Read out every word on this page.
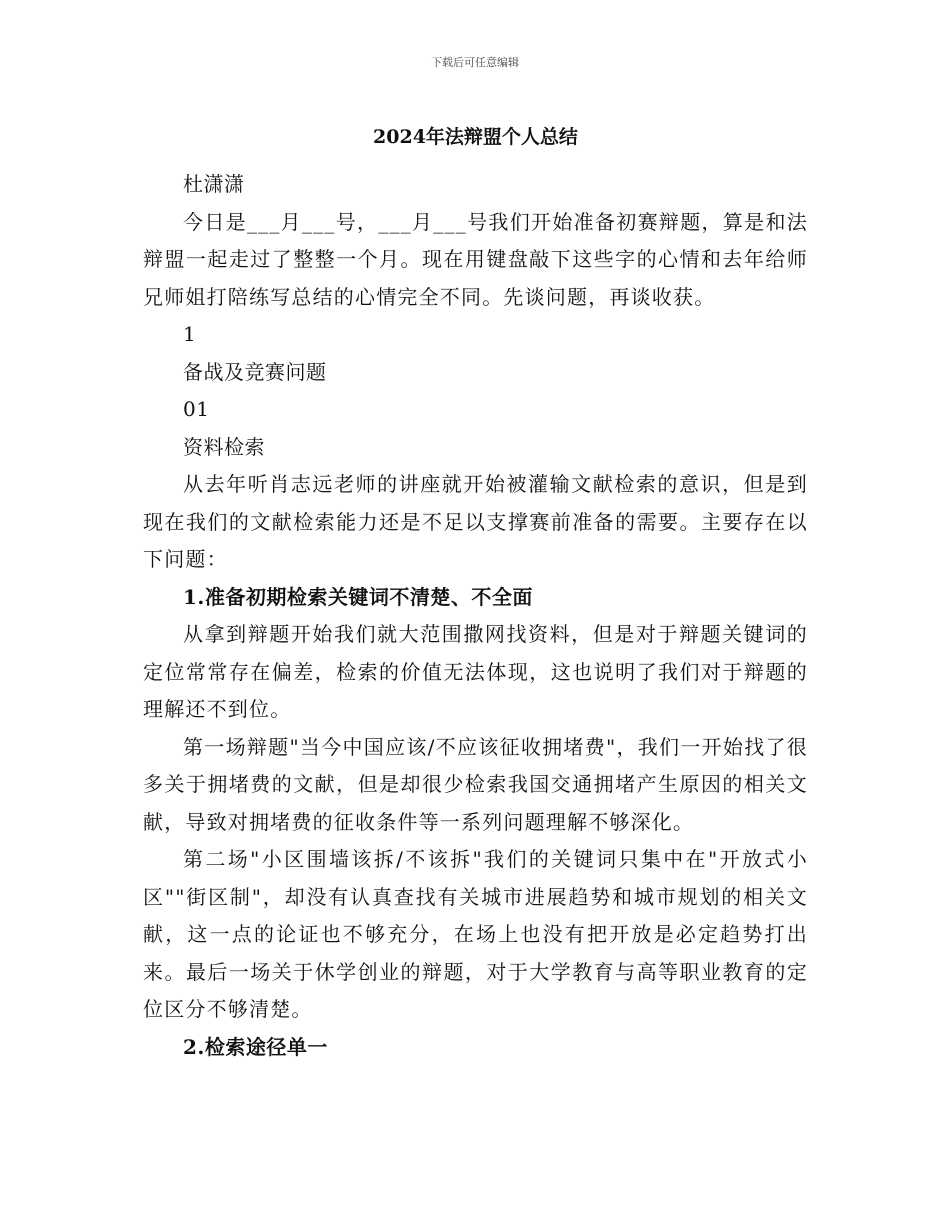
下载后可任意编辑

2024年法辩盟个人总结

杜潇潇

今日是___月___号，___月___号我们开始准备初赛辩题，算是和法辩盟一起走过了整整一个月。现在用键盘敲下这些字的心情和去年给师兄师姐打陪练写总结的心情完全不同。先谈问题，再谈收获。

1

备战及竞赛问题

01

资料检索

从去年听肖志远老师的讲座就开始被灌输文献检索的意识，但是到现在我们的文献检索能力还是不足以支撑赛前准备的需要。主要存在以下问题：

1.准备初期检索关键词不清楚、不全面

从拿到辩题开始我们就大范围撒网找资料，但是对于辩题关键词的定位常常存在偏差，检索的价值无法体现，这也说明了我们对于辩题的理解还不到位。

第一场辩题"当今中国应该/不应该征收拥堵费"，我们一开始找了很多关于拥堵费的文献，但是却很少检索我国交通拥堵产生原因的相关文献，导致对拥堵费的征收条件等一系列问题理解不够深化。

第二场"小区围墙该拆/不该拆"我们的关键词只集中在"开放式小区""街区制"，却没有认真查找有关城市进展趋势和城市规划的相关文献，这一点的论证也不够充分，在场上也没有把开放是必定趋势打出来。最后一场关于休学创业的辩题，对于大学教育与高等职业教育的定位区分不够清楚。

2.检索途径单一
